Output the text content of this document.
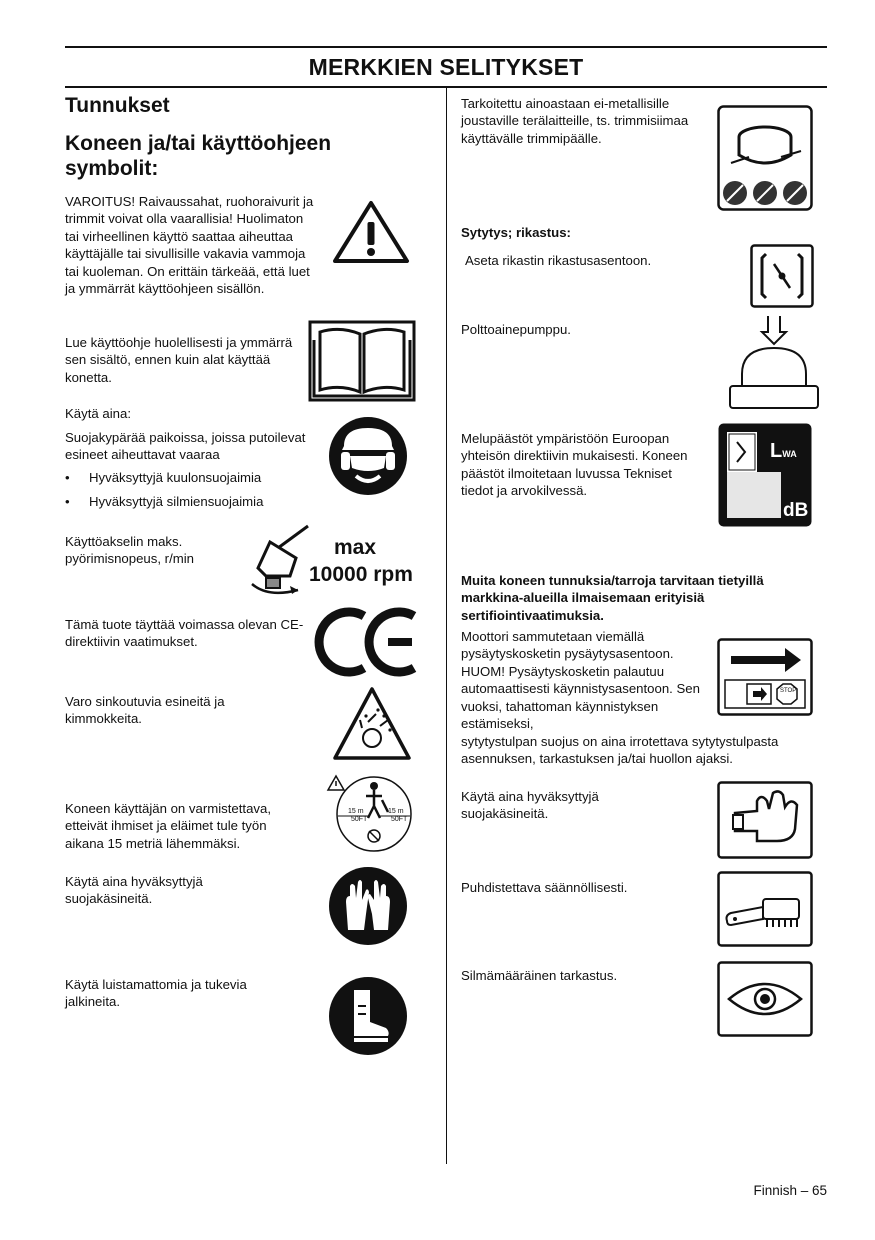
MERKKIEN SELITYKSET
Tunnukset
Koneen ja/tai käyttöohjeen symbolit:
VAROITUS! Raivaussahat, ruohoraivurit ja trimmit voivat olla vaarallisia! Huolimaton tai virheellinen käyttö saattaa aiheuttaa käyttäjälle tai sivullisille vakavia vammoja tai kuoleman. On erittäin tärkeää, että luet ja ymmärrät käyttöohjeen sisällön.
Lue käyttöohje huolellisesti ja ymmärrä sen sisältö, ennen kuin alat käyttää konetta.
Käytä aina:
Suojakypärää paikoissa, joissa putoilevat esineet aiheuttavat vaaraa
• Hyväksyttyjä kuulonsuojaimia
• Hyväksyttyjä silmiensuojaimia
Käyttöakselin maks. pyörimisnopeus, r/min	max
10000 rpm
Tämä tuote täyttää voimassa olevan CE-direktiivin vaatimukset.
Varo sinkoutuvia esineitä ja kimmokkeita.
Koneen käyttäjän on varmistettava, etteivät ihmiset ja eläimet tule työn aikana 15 metriä lähemmäksi.
15 m
50FT
15 m
50FT
Käytä aina hyväksyttyjä suojakäsineitä.
Käytä luistamattomia ja tukevia jalkineita.
Tarkoitettu ainoastaan ei-metallisille joustaville terälaitteille, ts. trimmisiimaa käyttävälle trimmipäälle.
Sytytys; rikastus:
Aseta rikastin rikastusasentoon.
Polttoainepumppu.
Melupäästöt ympäristöön Euroopan yhteisön direktiivin mukaisesti. Koneen päästöt ilmoitetaan luvussa Tekniset tiedot ja arvokilvessä.
LWA
dB
Muita koneen tunnuksia/tarroja tarvitaan tietyillä markkina-alueilla ilmaisemaan erityisiä sertifiointivaatimuksia.
Moottori sammutetaan viemällä pysäytyskosketin pysäytysasentoon. HUOM! Pysäytyskosketin palautuu automaattisesti käynnistysasentoon. Sen vuoksi, tahattoman käynnistyksen estämiseksi,
sytytystulpan suojus on aina irrotettava sytytystulpasta asennuksen, tarkastuksen ja/tai huollon ajaksi.
STOP
Käytä aina hyväksyttyjä suojakäsineitä.
Puhdistettava säännöllisesti.
Silmämääräinen tarkastus.
Finnish – 65
